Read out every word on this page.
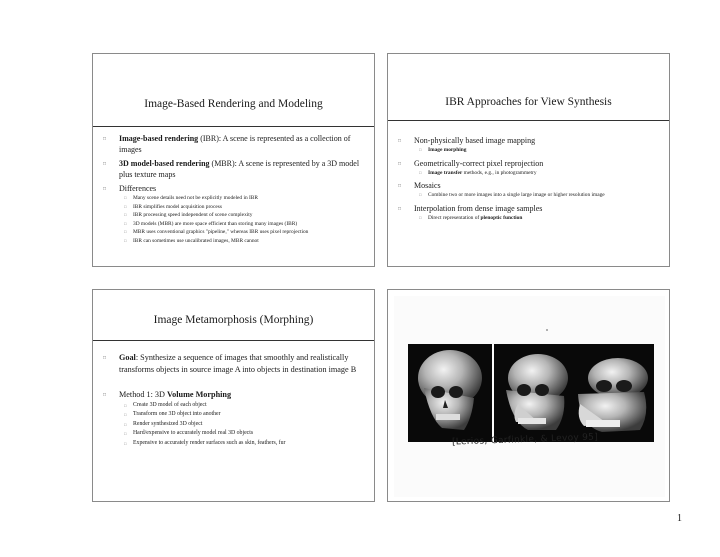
Image-Based Rendering and Modeling
□ Image-based rendering (IBR): A scene is represented as a collection of images
□ 3D model-based rendering (MBR): A scene is represented by a 3D model plus texture maps
□ Differences
□ Many scene details need not be explicitly modeled in IBR
□ IBR simplifies model acquisition process
□ IBR processing speed independent of scene complexity
□ 3D models (MBR) are more space efficient than storing many images (IBR)
□ MBR uses conventional graphics "pipeline," whereas IBR uses pixel reprojection
□ IBR can sometimes use uncalibrated images, MBR cannot
IBR Approaches for View Synthesis
□ Non-physically based image mapping
□ Image morphing
□ Geometrically-correct pixel reprojection
□ Image transfer methods, e.g., in photogrammetry
□ Mosaics
□ Combine two or more images into a single large image or higher resolution image
□ Interpolation from dense image samples
□ Direct representation of plenoptic function
Image Metamorphosis (Morphing)
□ Goal: Synthesize a sequence of images that smoothly and realistically transforms objects in source image A into objects in destination image B
□ Method 1: 3D Volume Morphing
□ Create 3D model of each object
□ Transform one 3D object into another
□ Render synthesized 3D object
□ Hard/expensive to accurately model real 3D objects
□ Expensive to accurately render surfaces such as skin, feathers, fur	[Lerios, Garfinkle, & Levoy 95]
1
